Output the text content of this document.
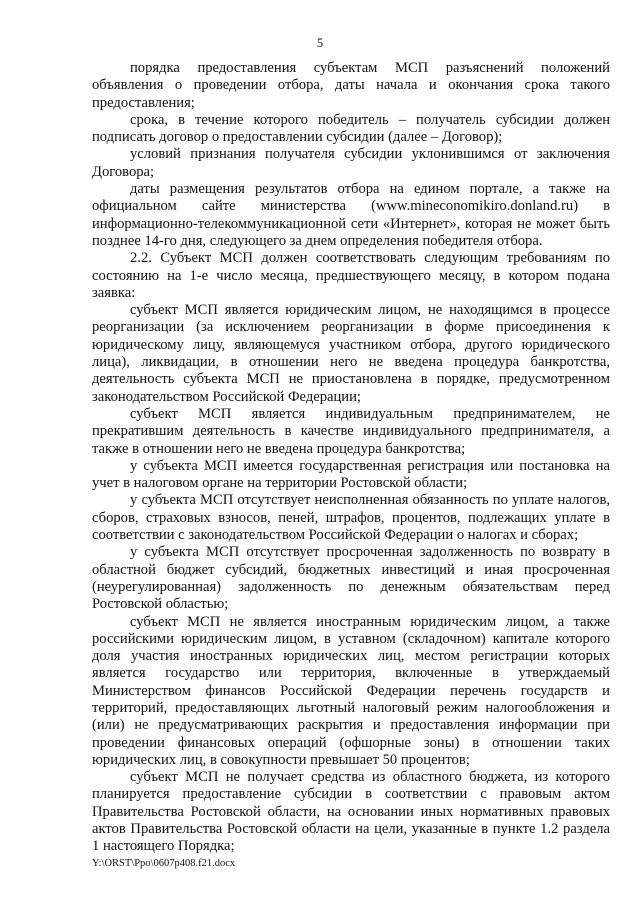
5

порядка предоставления субъектам МСП разъяснений положений объявления о проведении отбора, даты начала и окончания срока такого предоставления;

срока, в течение которого победитель – получатель субсидии должен подписать договор о предоставлении субсидии (далее – Договор);

условий признания получателя субсидии уклонившимся от заключения Договора;

даты размещения результатов отбора на едином портале, а также на официальном сайте министерства (www.mineconomikiro.donland.ru) в информационно-телекоммуникационной сети «Интернет», которая не может быть позднее 14-го дня, следующего за днем определения победителя отбора.

2.2. Субъект МСП должен соответствовать следующим требованиям по состоянию на 1-е число месяца, предшествующего месяцу, в котором подана заявка:

субъект МСП является юридическим лицом, не находящимся в процессе реорганизации (за исключением реорганизации в форме присоединения к юридическому лицу, являющемуся участником отбора, другого юридического лица), ликвидации, в отношении него не введена процедура банкротства, деятельность субъекта МСП не приостановлена в порядке, предусмотренном законодательством Российской Федерации;

субъект МСП является индивидуальным предпринимателем, не прекратившим деятельность в качестве индивидуального предпринимателя, а также в отношении него не введена процедура банкротства;

у субъекта МСП имеется государственная регистрация или постановка на учет в налоговом органе на территории Ростовской области;

у субъекта МСП отсутствует неисполненная обязанность по уплате налогов, сборов, страховых взносов, пеней, штрафов, процентов, подлежащих уплате в соответствии с законодательством Российской Федерации о налогах и сборах;

у субъекта МСП отсутствует просроченная задолженность по возврату в областной бюджет субсидий, бюджетных инвестиций и иная просроченная (неурегулированная) задолженность по денежным обязательствам перед Ростовской областью;

субъект МСП не является иностранным юридическим лицом, а также российскими юридическим лицом, в уставном (складочном) капитале которого доля участия иностранных юридических лиц, местом регистрации которых является государство или территория, включенные в утверждаемый Министерством финансов Российской Федерации перечень государств и территорий, предоставляющих льготный налоговый режим налогообложения и (или) не предусматривающих раскрытия и предоставления информации при проведении финансовых операций (офшорные зоны) в отношении таких юридических лиц, в совокупности превышает 50 процентов;

субъект МСП не получает средства из областного бюджета, из которого планируется предоставление субсидии в соответствии с правовым актом Правительства Ростовской области, на основании иных нормативных правовых актов Правительства Ростовской области на цели, указанные в пункте 1.2 раздела 1 настоящего Порядка;

Y:\ORST\Ppo\0607p408.f21.docx
